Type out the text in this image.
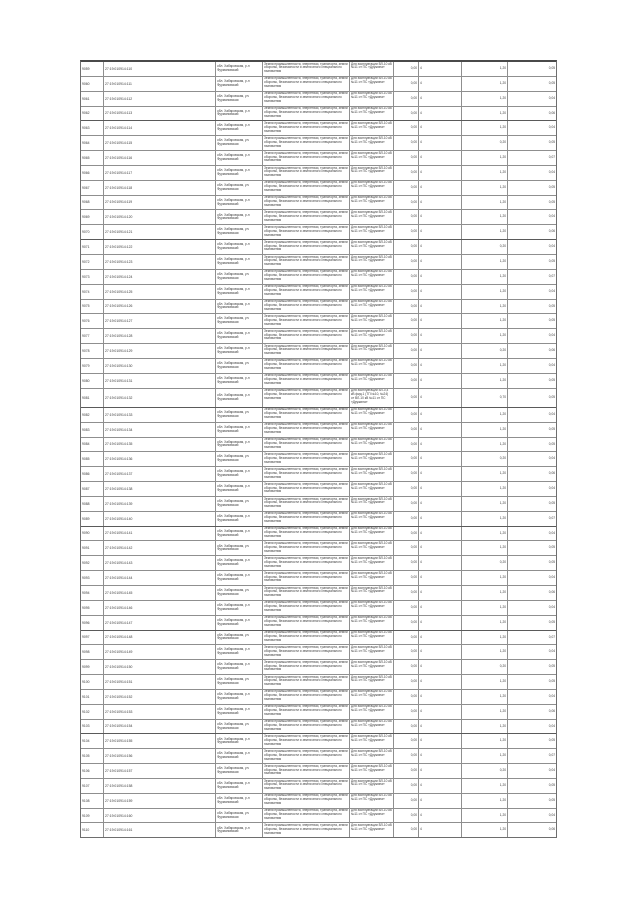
9059	27:19:010914:110
обл. Хабаровская, р-н Фурмановский
Земли промышленности, энергетики, транспорта, земли обороны, безопасности и земли иного специального назначения
Для эксплуатации ВЛ-10 кВ №11 от ПС «Дружина»	0,00 4	1,20	0,05
9060	27:19:010914:111
обл. Хабаровская, р-н Фурмановский
Земли промышленности, энергетики, транспорта, земли обороны, безопасности и земли иного специального назначения
Для эксплуатации ВЛ-10 кВ №11 от ПС «Дружина»	0,00 4	1,20	0,05
9061	27:19:010914:112
обл. Хабаровская, ул. Фурмановская
Земли промышленности, энергетики, транспорта, земли обороны, безопасности и земли иного специального назначения
Для эксплуатации ВЛ-10 кВ №11 от ПС «Дружина»	0,00 4	1,20	0,04
9062	27:19:010914:113
обл. Хабаровская, р-н Фурмановский
Земли промышленности, энергетики, транспорта, земли обороны, безопасности и земли иного специального назначения
Для эксплуатации ВЛ-10 кВ №11 от ПС «Дружина»	0,00 4	1,20	0,06
9063	27:19:010914:114
обл. Хабаровская, р-н Фурмановский
Земли промышленности, энергетики, транспорта, земли обороны, безопасности и земли иного специального назначения
Для эксплуатации ВЛ-10 кВ №11 от ПС «Дружина»	0,00 4	1,20	0,04
9064	27:19:010914:115
обл. Хабаровская, ул. Фурмановская
Земли промышленности, энергетики, транспорта, земли обороны, безопасности и земли иного специального назначения
Для эксплуатации ВЛ-10 кВ №11 от ПС «Дружина»	0,00 4	0,20	0,05
9065	27:19:010914:116
обл. Хабаровская, р-н Фурмановский
Земли промышленности, энергетики, транспорта, земли обороны, безопасности и земли иного специального назначения
Для эксплуатации ВЛ-10 кВ №11 от ПС «Дружина»	0,00 4	1,20	0,07
9066	27:19:010914:117
обл. Хабаровская, р-н Фурмановский
Земли промышленности, энергетики, транспорта, земли обороны, безопасности и земли иного специального назначения
Для эксплуатации ВЛ-10 кВ №11 от ПС «Дружина»	0,00 4	1,20	0,04
9067	27:19:010914:118
обл. Хабаровская, ул. Фурмановская
Земли промышленности, энергетики, транспорта, земли обороны, безопасности и земли иного специального назначения
Для эксплуатации ВЛ-10 кВ №11 от ПС «Дружина»	0,00 4	1,20	0,05
9068	27:19:010914:119
обл. Хабаровская, р-н Фурмановский
Земли промышленности, энергетики, транспорта, земли обороны, безопасности и земли иного специального назначения
Для эксплуатации ВЛ-10 кВ №11 от ПС «Дружина»	0,00 4	1,20	0,05
9069	27:19:010914:120
обл. Хабаровская, р-н Фурмановский
Земли промышленности, энергетики, транспорта, земли обороны, безопасности и земли иного специального назначения
Для эксплуатации ВЛ-10 кВ №11 от ПС «Дружина»	0,00 4	1,20	0,04
9070	27:19:010914:121
обл. Хабаровская, ул. Фурмановская
Земли промышленности, энергетики, транспорта, земли обороны, безопасности и земли иного специального назначения
Для эксплуатации ВЛ-10 кВ №11 от ПС «Дружина»	0,00 4	1,20	0,06
9071	27:19:010914:122
обл. Хабаровская, р-н Фурмановский
Земли промышленности, энергетики, транспорта, земли обороны, безопасности и земли иного специального назначения
Для эксплуатации ВЛ-10 кВ №11 от ПС «Дружина»	0,00 4	0,20	0,04
9072	27:19:010914:123
обл. Хабаровская, р-н Фурмановский
Земли промышленности, энергетики, транспорта, земли обороны, безопасности и земли иного специального назначения
Для эксплуатации ВЛ-10 кВ №11 от ПС «Дружина»	0,00 4	1,20	0,05
9073	27:19:010914:124
обл. Хабаровская, ул. Фурмановская
Земли промышленности, энергетики, транспорта, земли обороны, безопасности и земли иного специального назначения
Для эксплуатации ВЛ-10 кВ №11 от ПС «Дружина»	0,00 4	1,20	0,07
9074	27:19:010914:125
обл. Хабаровская, р-н Фурмановский
Земли промышленности, энергетики, транспорта, земли обороны, безопасности и земли иного специального назначения
Для эксплуатации ВЛ-10 кВ №11 от ПС «Дружина»	0,00 4	1,20	0,04
9075	27:19:010914:126
обл. Хабаровская, р-н Фурмановский
Земли промышленности, энергетики, транспорта, земли обороны, безопасности и земли иного специального назначения
Для эксплуатации ВЛ-10 кВ №11 от ПС «Дружина»	0,00 4	1,20	0,05
9076	27:19:010914:127
обл. Хабаровская, ул. Фурмановская
Земли промышленности, энергетики, транспорта, земли обороны, безопасности и земли иного специального назначения
Для эксплуатации ВЛ-10 кВ №11 от ПС «Дружина»	0,00 4	1,20	0,05
9077	27:19:010914:128
обл. Хабаровская, р-н Фурмановский
Земли промышленности, энергетики, транспорта, земли обороны, безопасности и земли иного специального назначения
Для эксплуатации ВЛ-10 кВ №11 от ПС «Дружина»	0,00 4	1,20	0,04
9078	27:19:010914:129
обл. Хабаровская, р-н Фурмановский
Земли промышленности, энергетики, транспорта, земли обороны, безопасности и земли иного специального назначения
Для эксплуатации ВЛ-10 кВ №11 от ПС «Дружина»	0,00 4	0,20	0,06
9079	27:19:010914:130
обл. Хабаровская, ул. Фурмановская
Земли промышленности, энергетики, транспорта, земли обороны, безопасности и земли иного специального назначения
Для эксплуатации ВЛ-10 кВ №11 от ПС «Дружина»	0,00 4	1,20	0,04
9080	27:19:010914:131
обл. Хабаровская, р-н Фурмановский
Земли промышленности, энергетики, транспорта, земли обороны, безопасности и земли иного специального назначения
Для эксплуатации ВЛ-10 кВ №11 от ПС «Дружина»	0,00 4	1,20	0,05
9081	27:19:010914:132
обл. Хабаровская, р-н Фурмановский
Земли промышленности, энергетики, транспорта, земли обороны, безопасности и земли иного специального назначения
Для эксплуатации ВЛ-0,4 кВ фид.1 (ТП №10, №24) от ВЛ-10 кВ №11 от ПС «Дружина»
0,00 4	0,70	0,05
9082	27:19:010914:133
обл. Хабаровская, ул. Фурмановская
Земли промышленности, энергетики, транспорта, земли обороны, безопасности и земли иного специального назначения
Для эксплуатации ВЛ-10 кВ №11 от ПС «Дружина»	0,00 4	1,20	0,04
9083	27:19:010914:134
обл. Хабаровская, р-н Фурмановский
Земли промышленности, энергетики, транспорта, земли обороны, безопасности и земли иного специального назначения
Для эксплуатации ВЛ-10 кВ №11 от ПС «Дружина»	0,00 4	1,20	0,05
9084	27:19:010914:135
обл. Хабаровская, р-н Фурмановский
Земли промышленности, энергетики, транспорта, земли обороны, безопасности и земли иного специального назначения
Для эксплуатации ВЛ-10 кВ №11 от ПС «Дружина»	0,00 4	1,20	0,05
9085	27:19:010914:136
обл. Хабаровская, ул. Фурмановская
Земли промышленности, энергетики, транспорта, земли обороны, безопасности и земли иного специального назначения
Для эксплуатации ВЛ-10 кВ №11 от ПС «Дружина»	0,00 4	0,20	0,04
9086	27:19:010914:137
обл. Хабаровская, р-н Фурмановский
Земли промышленности, энергетики, транспорта, земли обороны, безопасности и земли иного специального назначения
Для эксплуатации ВЛ-10 кВ №11 от ПС «Дружина»	0,00 4	1,20	0,06
9087	27:19:010914:138
обл. Хабаровская, р-н Фурмановский
Земли промышленности, энергетики, транспорта, земли обороны, безопасности и земли иного специального назначения
Для эксплуатации ВЛ-10 кВ №11 от ПС «Дружина»	0,00 4	1,20	0,04
9088	27:19:010914:139
обл. Хабаровская, ул. Фурмановская
Земли промышленности, энергетики, транспорта, земли обороны, безопасности и земли иного специального назначения
Для эксплуатации ВЛ-10 кВ №11 от ПС «Дружина»	0,00 4	1,20	0,05
9089	27:19:010914:140
обл. Хабаровская, р-н Фурмановский
Земли промышленности, энергетики, транспорта, земли обороны, безопасности и земли иного специального назначения
Для эксплуатации ВЛ-10 кВ №11 от ПС «Дружина»	0,00 4	1,20	0,07
9090	27:19:010914:141
обл. Хабаровская, р-н Фурмановский
Земли промышленности, энергетики, транспорта, земли обороны, безопасности и земли иного специального назначения
Для эксплуатации ВЛ-10 кВ №11 от ПС «Дружина»	0,00 4	1,20	0,04
9091	27:19:010914:142
обл. Хабаровская, ул. Фурмановская
Земли промышленности, энергетики, транспорта, земли обороны, безопасности и земли иного специального назначения
Для эксплуатации ВЛ-10 кВ №11 от ПС «Дружина»	0,00 4	1,20	0,05
9092	27:19:010914:143
обл. Хабаровская, р-н Фурмановский
Земли промышленности, энергетики, транспорта, земли обороны, безопасности и земли иного специального назначения
Для эксплуатации ВЛ-10 кВ №11 от ПС «Дружина»	0,00 4	0,20	0,05
9093	27:19:010914:144
обл. Хабаровская, р-н Фурмановский
Земли промышленности, энергетики, транспорта, земли обороны, безопасности и земли иного специального назначения
Для эксплуатации ВЛ-10 кВ №11 от ПС «Дружина»	0,00 4	1,20	0,04
9094	27:19:010914:145
обл. Хабаровская, ул. Фурмановская
Земли промышленности, энергетики, транспорта, земли обороны, безопасности и земли иного специального назначения
Для эксплуатации ВЛ-10 кВ №11 от ПС «Дружина»	0,00 4	1,20	0,06
9095	27:19:010914:146
обл. Хабаровская, р-н Фурмановский
Земли промышленности, энергетики, транспорта, земли обороны, безопасности и земли иного специального назначения
Для эксплуатации ВЛ-10 кВ №11 от ПС «Дружина»	0,00 4	1,20	0,04
9096	27:19:010914:147
обл. Хабаровская, р-н Фурмановский
Земли промышленности, энергетики, транспорта, земли обороны, безопасности и земли иного специального назначения
Для эксплуатации ВЛ-10 кВ №11 от ПС «Дружина»	0,00 4	1,20	0,05
9097	27:19:010914:148
обл. Хабаровская, ул. Фурмановская
Земли промышленности, энергетики, транспорта, земли обороны, безопасности и земли иного специального назначения
Для эксплуатации ВЛ-10 кВ №11 от ПС «Дружина»	0,00 4	1,20	0,07
9098	27:19:010914:149
обл. Хабаровская, р-н Фурмановский
Земли промышленности, энергетики, транспорта, земли обороны, безопасности и земли иного специального назначения
Для эксплуатации ВЛ-10 кВ №11 от ПС «Дружина»	0,00 4	1,20	0,04
9099	27:19:010914:150
обл. Хабаровская, р-н Фурмановский
Земли промышленности, энергетики, транспорта, земли обороны, безопасности и земли иного специального назначения
Для эксплуатации ВЛ-10 кВ №11 от ПС «Дружина»	0,00 4	0,20	0,05
9100	27:19:010914:151
обл. Хабаровская, ул. Фурмановская
Земли промышленности, энергетики, транспорта, земли обороны, безопасности и земли иного специального назначения
Для эксплуатации ВЛ-10 кВ №11 от ПС «Дружина»	0,00 4	1,20	0,05
9101	27:19:010914:152
обл. Хабаровская, р-н Фурмановский
Земли промышленности, энергетики, транспорта, земли обороны, безопасности и земли иного специального назначения
Для эксплуатации ВЛ-10 кВ №11 от ПС «Дружина»	0,00 4	1,20	0,04
9102	27:19:010914:153
обл. Хабаровская, р-н Фурмановский
Земли промышленности, энергетики, транспорта, земли обороны, безопасности и земли иного специального назначения
Для эксплуатации ВЛ-10 кВ №11 от ПС «Дружина»	0,00 4	1,20	0,06
9103	27:19:010914:154
обл. Хабаровская, ул. Фурмановская
Земли промышленности, энергетики, транспорта, земли обороны, безопасности и земли иного специального назначения
Для эксплуатации ВЛ-10 кВ №11 от ПС «Дружина»	0,00 4	1,20	0,04
9104	27:19:010914:155
обл. Хабаровская, р-н Фурмановский
Земли промышленности, энергетики, транспорта, земли обороны, безопасности и земли иного специального назначения
Для эксплуатации ВЛ-10 кВ №11 от ПС «Дружина»	0,00 4	1,20	0,05
9105	27:19:010914:156
обл. Хабаровская, р-н Фурмановский
Земли промышленности, энергетики, транспорта, земли обороны, безопасности и земли иного специального назначения
Для эксплуатации ВЛ-10 кВ №11 от ПС «Дружина»	0,00 4	1,20	0,07
9106	27:19:010914:157
обл. Хабаровская, ул. Фурмановская
Земли промышленности, энергетики, транспорта, земли обороны, безопасности и земли иного специального назначения
Для эксплуатации ВЛ-10 кВ №11 от ПС «Дружина»	0,00 4	0,20	0,04
9107	27:19:010914:158
обл. Хабаровская, р-н Фурмановский
Земли промышленности, энергетики, транспорта, земли обороны, безопасности и земли иного специального назначения
Для эксплуатации ВЛ-10 кВ №11 от ПС «Дружина»	0,00 4	1,20	0,05
9108	27:19:010914:159
обл. Хабаровская, р-н Фурмановский
Земли промышленности, энергетики, транспорта, земли обороны, безопасности и земли иного специального назначения
Для эксплуатации ВЛ-10 кВ №11 от ПС «Дружина»	0,00 4	1,20	0,05
9109	27:19:010914:160
обл. Хабаровская, ул. Фурмановская
Земли промышленности, энергетики, транспорта, земли обороны, безопасности и земли иного специального назначения
Для эксплуатации ВЛ-10 кВ №11 от ПС «Дружина»	0,00 4	1,20	0,04
9110	27:19:010914:161
обл. Хабаровская, р-н Фурмановский
Земли промышленности, энергетики, транспорта, земли обороны, безопасности и земли иного специального назначения
Для эксплуатации ВЛ-10 кВ №11 от ПС «Дружина»	0,00 4	1,20	0,06
